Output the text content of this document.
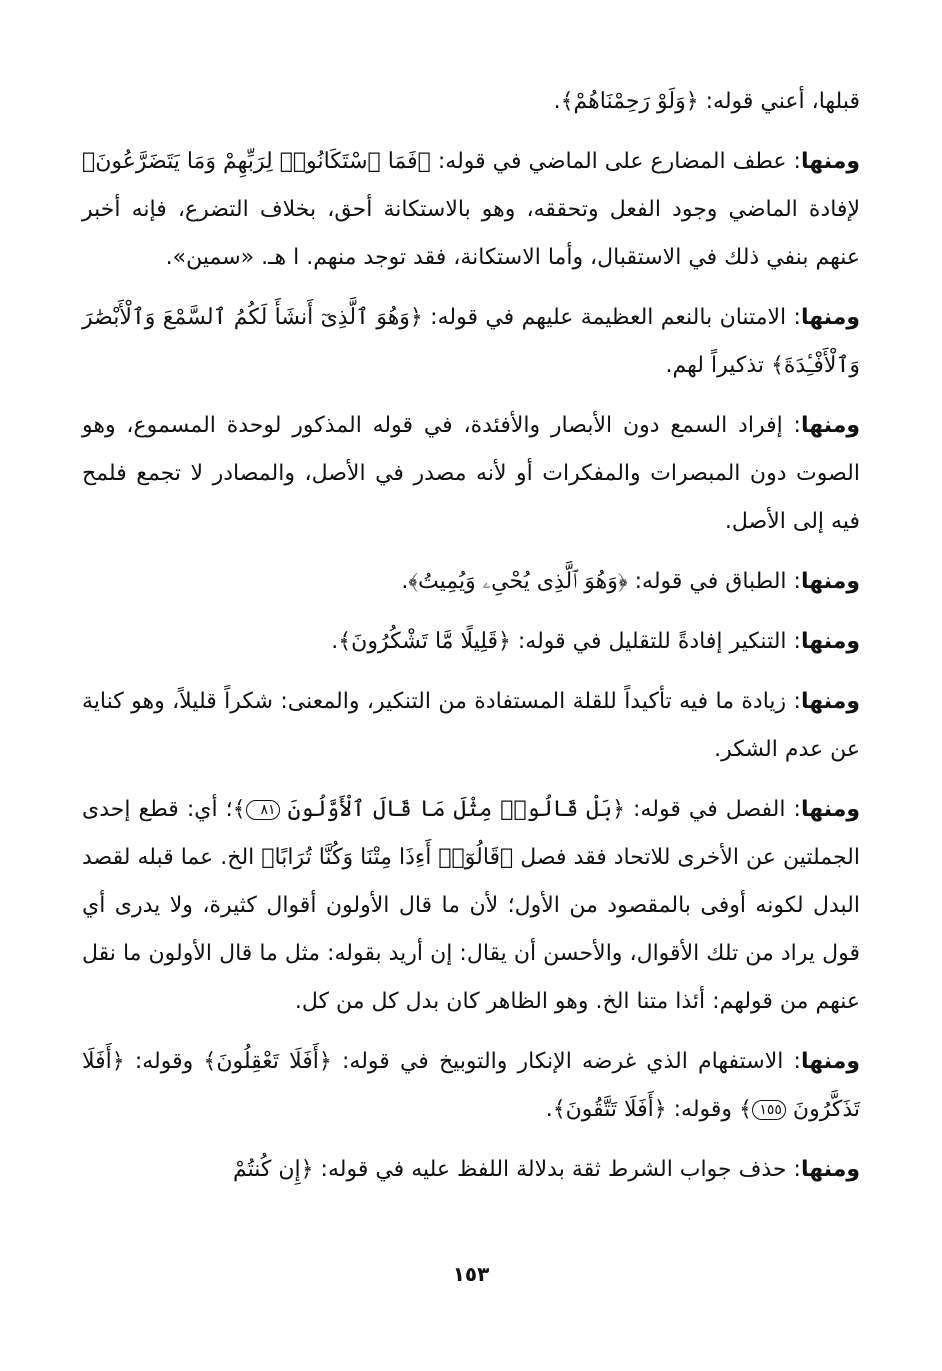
قبلها، أعني قوله: ﴿وَلَوْ رَحِمْنَاهُمْ﴾.

ومنها: عطف المضارع على الماضي في قوله: ﴿فَمَا ٱسْتَكَانُوا۟ لِرَبِّهِمْ وَمَا يَتَضَرَّعُونَ﴾ لإفادة الماضي وجود الفعل وتحققه، وهو بالاستكانة أحق، بخلاف التضرع، فإنه أخبر عنهم بنفي ذلك في الاستقبال، وأما الاستكانة، فقد توجد منهم. ا هـ. «سمين».

ومنها: الامتنان بالنعم العظيمة عليهم في قوله: ﴿وَهُوَ ٱلَّذِىٓ أَنشَأَ لَكُمُ ٱلسَّمْعَ وَٱلْأَبْصَٰرَ وَٱلْأَفْـِٔدَةَ﴾ تذكيراً لهم.

ومنها: إفراد السمع دون الأبصار والأفئدة، في قوله المذكور لوحدة المسموع، وهو الصوت دون المبصرات والمفكرات أو لأنه مصدر في الأصل، والمصادر لا تجمع فلمح فيه إلى الأصل.

ومنها: الطباق في قوله: ﴿وَهُوَ ٱلَّذِى يُحْىِۦ وَيُمِيتُ﴾.

ومنها: التنكير إفادةً للتقليل في قوله: ﴿قَلِيلًا مَّا تَشْكُرُونَ﴾.

ومنها: زيادة ما فيه تأكيداً للقلة المستفادة من التنكير، والمعنى: شكراً قليلاً، وهو كناية عن عدم الشكر.

ومنها: الفصل في قوله: ﴿بَلْ قَالُوا۟ مِثْلَ مَا قَالَ ٱلْأَوَّلُونَ ٨١﴾؛ أي: قطع إحدى الجملتين عن الأخرى للاتحاد فقد فصل ﴿قَالُوٓا۟ أَءِذَا مِتْنَا وَكُنَّا تُرَابًا﴾ الخ. عما قبله لقصد البدل لكونه أوفى بالمقصود من الأول؛ لأن ما قال الأولون أقوال كثيرة، ولا يدرى أي قول يراد من تلك الأقوال، والأحسن أن يقال: إن أريد بقوله: مثل ما قال الأولون ما نقل عنهم من قولهم: أئذا متنا الخ. وهو الظاهر كان بدل كل من كل.

ومنها: الاستفهام الذي غرضه الإنكار والتوبيخ في قوله: ﴿أَفَلَا تَعْقِلُونَ﴾ وقوله: ﴿أَفَلَا تَذَكَّرُونَ ١٥٥﴾ وقوله: ﴿أَفَلَا تَتَّقُونَ﴾.

ومنها: حذف جواب الشرط ثقة بدلالة اللفظ عليه في قوله: ﴿إِن كُنتُمْ

١٥٣
